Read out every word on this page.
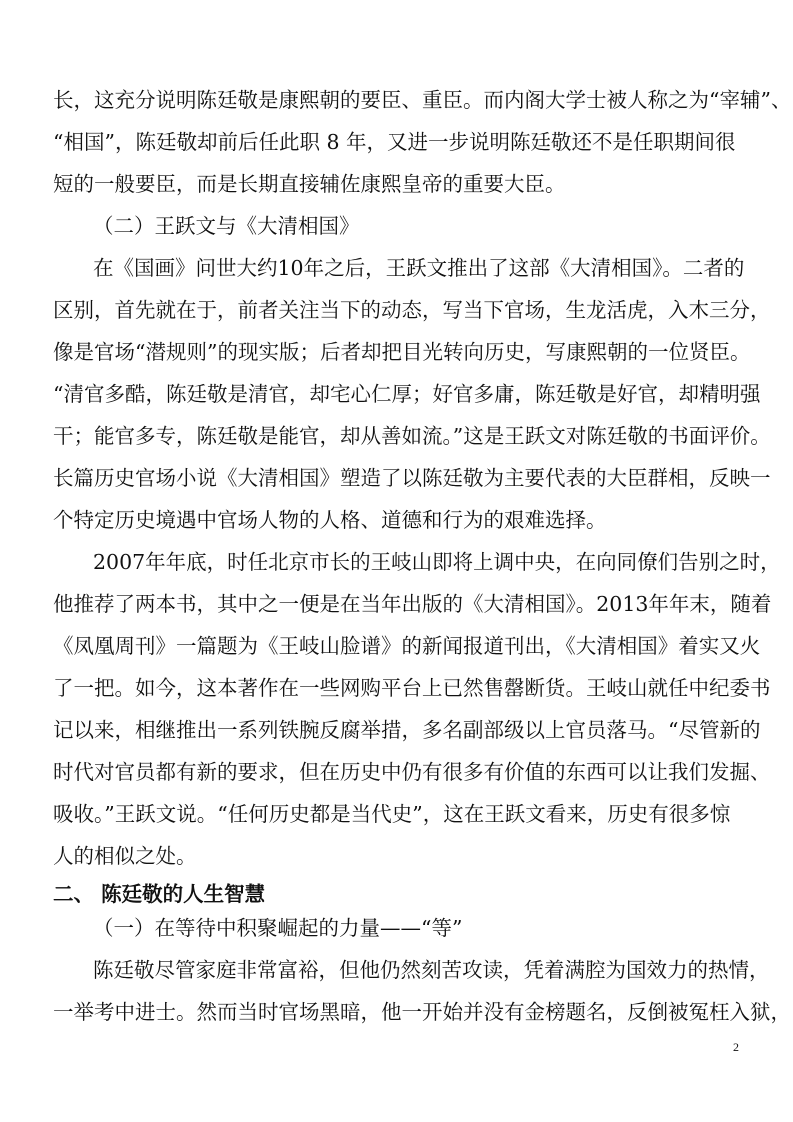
长，这充分说明陈廷敬是康熙朝的要臣、重臣。而内阁大学士被人称之为“宰辅”、
“相国”，陈廷敬却前后任此职 8 年，又进一步说明陈廷敬还不是任职期间很
短的一般要臣，而是长期直接辅佐康熙皇帝的重要大臣。
（二）王跃文与《大清相国》
在《国画》问世大约10年之后，王跃文推出了这部《大清相国》。二者的
区别，首先就在于，前者关注当下的动态，写当下官场，生龙活虎，入木三分，
像是官场“潜规则”的现实版；后者却把目光转向历史，写康熙朝的一位贤臣。
“清官多酷，陈廷敬是清官，却宅心仁厚；好官多庸，陈廷敬是好官，却精明强
干；能官多专，陈廷敬是能官，却从善如流。”这是王跃文对陈廷敬的书面评价。
长篇历史官场小说《大清相国》塑造了以陈廷敬为主要代表的大臣群相，反映一
个特定历史境遇中官场人物的人格、道德和行为的艰难选择。
2007年年底，时任北京市长的王岐山即将上调中央，在向同僚们告别之时，
他推荐了两本书，其中之一便是在当年出版的《大清相国》。2013年年末，随着
《凤凰周刊》一篇题为《王岐山脸谱》的新闻报道刊出，《大清相国》着实又火
了一把。如今，这本著作在一些网购平台上已然售罄断货。王岐山就任中纪委书
记以来，相继推出一系列铁腕反腐举措，多名副部级以上官员落马。“尽管新的
时代对官员都有新的要求，但在历史中仍有很多有价值的东西可以让我们发掘、
吸收。”王跃文说。“任何历史都是当代史”，这在王跃文看来，历史有很多惊
人的相似之处。
二、 陈廷敬的人生智慧
（一）在等待中积聚崛起的力量——“等”
陈廷敬尽管家庭非常富裕，但他仍然刻苦攻读，凭着满腔为国效力的热情，
一举考中进士。然而当时官场黑暗，他一开始并没有金榜题名，反倒被冤枉入狱，
2
